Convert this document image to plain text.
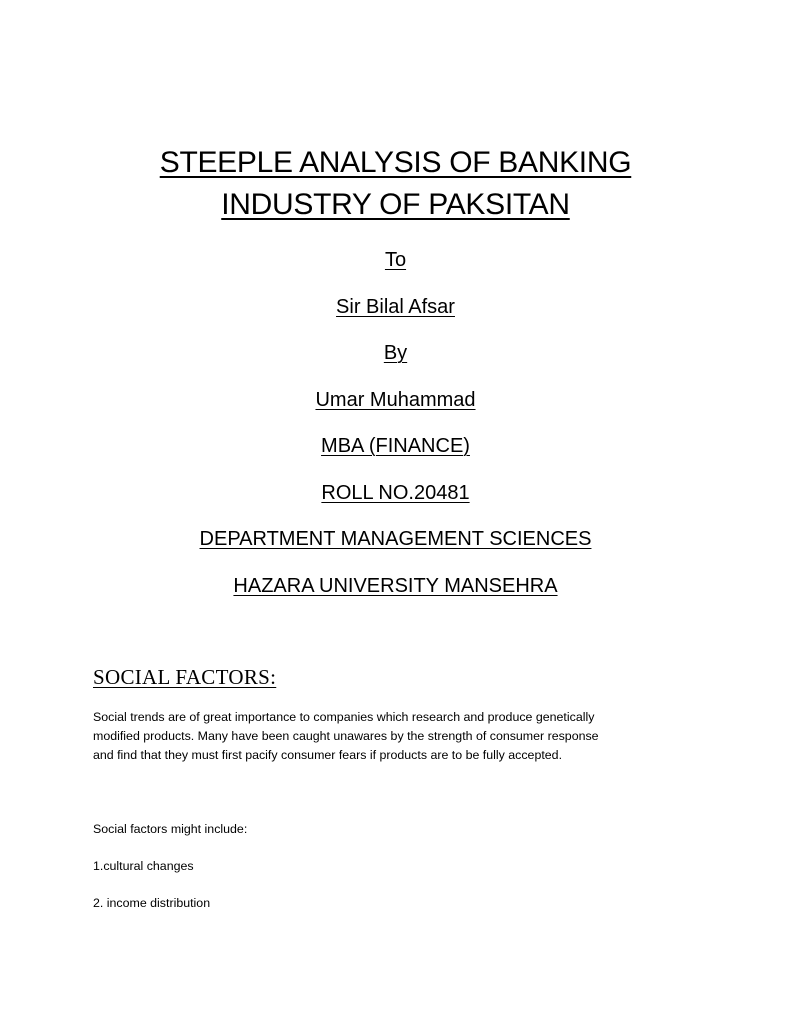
STEEPLE ANALYSIS OF BANKING
INDUSTRY OF PAKSITAN
To
Sir Bilal Afsar
By
Umar Muhammad
MBA (FINANCE)
ROLL NO.20481
DEPARTMENT MANAGEMENT SCIENCES
HAZARA UNIVERSITY MANSEHRA
SOCIAL FACTORS:
Social trends are of great importance to companies which research and produce genetically
modified products. Many have been caught unawares by the strength of consumer response
and find that they must first pacify consumer fears if products are to be fully accepted.
Social factors might include:
1.cultural changes
2. income distribution
